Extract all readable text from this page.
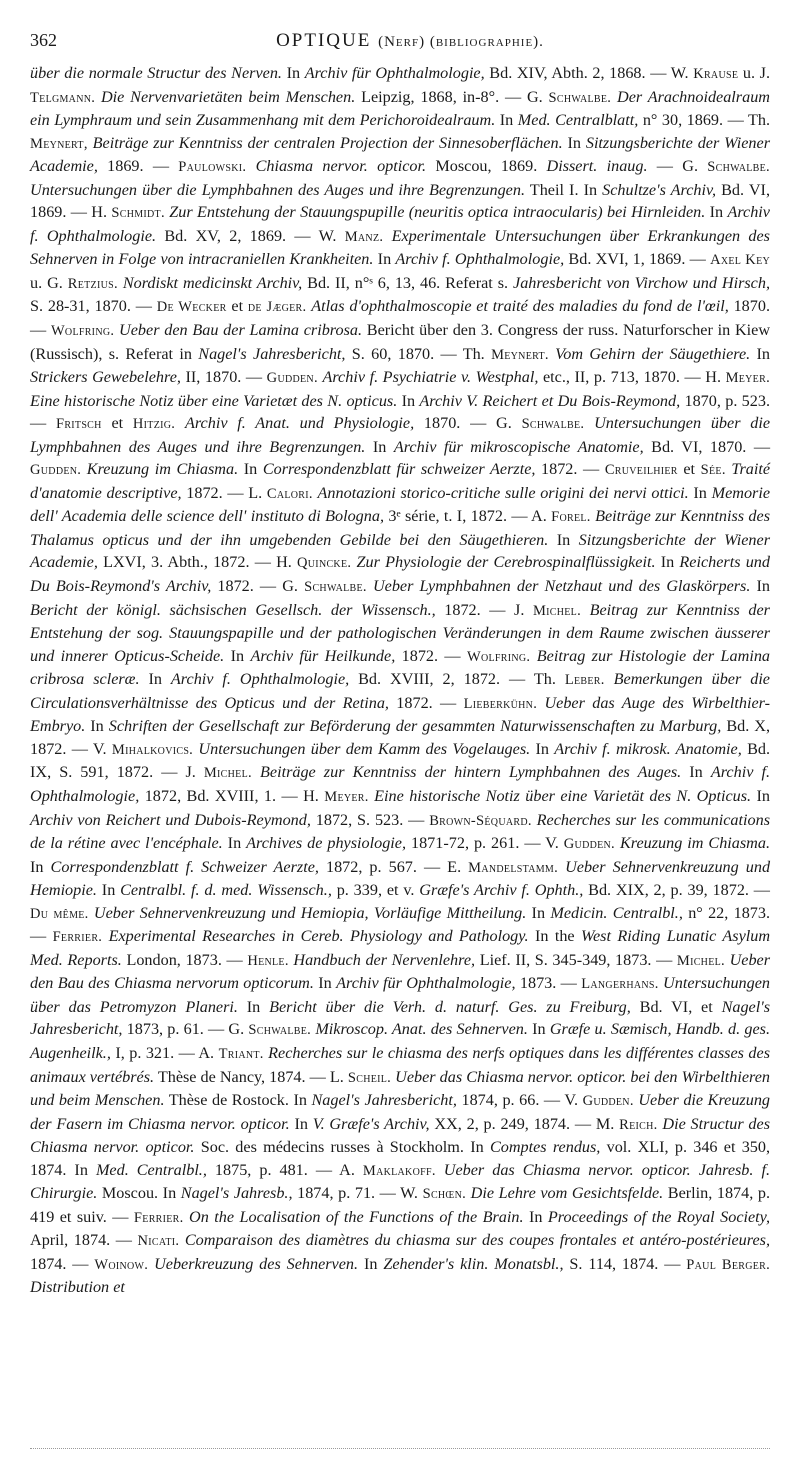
362	OPTIQUE (Nerf) (bibliographie).
über die normale Structur des Nerven. In Archiv für Ophthalmologie, Bd. XIV, Abth. 2, 1868. — W. Krause u. J. Telgmann. Die Nervenvarietäten beim Menschen. Leipzig, 1868, in-8°. — G. Schwalbe. Der Arachnoidealraum ein Lymphraum und sein Zusammenhang mit dem Perichoroidealraum. In Med. Centralblatt, n° 30, 1869. — Th. Meynert, Beiträge zur Kenntniss der centralen Projection der Sinnesoberflächen. In Sitzungsberichte der Wiener Academie, 1869. — Paulowski. Chiasma nervor. opticor. Moscou, 1869. Dissert. inaug. — G. Schwalbe. Untersuchungen über die Lymphbahnen des Auges und ihre Begrenzungen. Theil I. In Schultze's Archiv, Bd. VI, 1869. — H. Schmidt. Zur Entstehung der Stauungspupille (neuritis optica intraocularis) bei Hirnleiden. In Archiv f. Ophthalmologie. Bd. XV, 2, 1869. — W. Manz. Experimentale Untersuchungen über Erkrankungen des Sehnerven in Folge von intracraniellen Krankheiten. In Archiv f. Ophthalmologie, Bd. XVI, 1, 1869. — Axel Key u. G. Retzius. Nordiskt medicinskt Archiv, Bd. II, n°ˢ 6, 13, 46. Referat s. Jahresbericht von Virchow und Hirsch, S. 28-31, 1870. — De Wecker et de Jæger. Atlas d'ophthalmoscopie et traité des maladies du fond de l'œil, 1870. — Wolfring. Ueber den Bau der Lamina cribrosa. Bericht über den 3. Congress der russ. Naturforscher in Kiew (Russisch), s. Referat in Nagel's Jahresbericht, S. 60, 1870. — Th. Meynert. Vom Gehirn der Säugethiere. In Strickers Gewebelehre, II, 1870. — Gudden. Archiv f. Psychiatrie v. Westphal, etc., II, p. 713, 1870. — H. Meyer. Eine historische Notiz über eine Varietæt des N. opticus. In Archiv V. Reichert et Du Bois-Reymond, 1870, p. 523. — Fritsch et Hitzig. Archiv f. Anat. und Physiologie, 1870. — G. Schwalbe. Untersuchungen über die Lymphbahnen des Auges und ihre Begrenzungen. In Archiv für mikroscopische Anatomie, Bd. VI, 1870. — Gudden. Kreuzung im Chiasma. In Correspondenzblatt für schweizer Aerzte, 1872. — Cruveilhier et Sée. Traité d'anatomie descriptive, 1872. — L. Calori. Annotazioni storico-critiche sulle origini dei nervi ottici. In Memorie dell' Academia delle science dell' instituto di Bologna, 3ᵉ série, t. I, 1872. — A. Forel. Beiträge zur Kenntniss des Thalamus opticus und der ihn umgebenden Gebilde bei den Säugethieren. In Sitzungsberichte der Wiener Academie, LXVI, 3. Abth., 1872. — H. Quincke. Zur Physiologie der Cerebrospinalflüssigkeit. In Reicherts und Du Bois-Reymond's Archiv, 1872. — G. Schwalbe. Ueber Lymphbahnen der Netzhaut und des Glaskörpers. In Bericht der königl. sächsischen Gesellsch. der Wissensch., 1872. — J. Michel. Beitrag zur Kenntniss der Entstehung der sog. Stauungspapille und der pathologischen Veränderungen in dem Raume zwischen äusserer und innerer Opticus-Scheide. In Archiv für Heilkunde, 1872. — Wolfring. Beitrag zur Histologie der Lamina cribrosa scleræ. In Archiv f. Ophthalmologie, Bd. XVIII, 2, 1872. — Th. Leber. Bemerkungen über die Circulationsverhältnisse des Opticus und der Retina, 1872. — Lieberkühn. Ueber das Auge des Wirbelthier-Embryo. In Schriften der Gesellschaft zur Beförderung der gesammten Naturwissenschaften zu Marburg, Bd. X, 1872. — V. Mihalkovics. Untersuchungen über dem Kamm des Vogelauges. In Archiv f. mikrosk. Anatomie, Bd. IX, S. 591, 1872. — J. Michel. Beiträge zur Kenntniss der hintern Lymphbahnen des Auges. In Archiv f. Ophthalmologie, 1872, Bd. XVIII, 1. — H. Meyer. Eine historische Notiz über eine Varietät des N. Opticus. In Archiv von Reichert und Dubois-Reymond, 1872, S. 523. — Brown-Séquard. Recherches sur les communications de la rétine avec l'encéphale. In Archives de physiologie, 1871-72, p. 261. — V. Gudden. Kreuzung im Chiasma. In Correspondenzblatt f. Schweizer Aerzte, 1872, p. 567. — E. Mandelstamm. Ueber Sehnervenkreuzung und Hemiopie. In Centralbl. f. d. med. Wissensch., p. 339, et v. Græfe's Archiv f. Ophth., Bd. XIX, 2, p. 39, 1872. — Du même. Ueber Sehnervenkreuzung und Hemiopia, Vorläufige Mittheilung. In Medicin. Centralbl., n° 22, 1873. — Ferrier. Experimental Researches in Cereb. Physiology and Pathology. In the West Riding Lunatic Asylum Med. Reports. London, 1873. — Henle. Handbuch der Nervenlehre, Lief. II, S. 345-349, 1873. — Michel. Ueber den Bau des Chiasma nervorum opticorum. In Archiv für Ophthalmologie, 1873. — Langerhans. Untersuchungen über das Petromyzon Planeri. In Bericht über die Verh. d. naturf. Ges. zu Freiburg, Bd. VI, et Nagel's Jahresbericht, 1873, p. 61. — G. Schwalbe. Mikroscop. Anat. des Sehnerven. In Græfe u. Sæmisch, Handb. d. ges. Augenheilk., I, p. 321. — A. Triant. Recherches sur le chiasma des nerfs optiques dans les différentes classes des animaux vertébrés. Thèse de Nancy, 1874. — L. Scheil. Ueber das Chiasma nervor. opticor. bei den Wirbelthieren und beim Menschen. Thèse de Rostock. In Nagel's Jahresbericht, 1874, p. 66. — V. Gudden. Ueber die Kreuzung der Fasern im Chiasma nervor. opticor. In V. Græfe's Archiv, XX, 2, p. 249, 1874. — M. Reich. Die Structur des Chiasma nervor. opticor. Soc. des médecins russes à Stockholm. In Comptes rendus, vol. XLI, p. 346 et 350, 1874. In Med. Centralbl., 1875, p. 481. — A. Maklakoff. Ueber das Chiasma nervor. opticor. Jahresb. f. Chirurgie. Moscou. In Nagel's Jahresb., 1874, p. 71. — W. Schœn. Die Lehre vom Gesichtsfelde. Berlin, 1874, p. 419 et suiv. — Ferrier. On the Localisation of the Functions of the Brain. In Proceedings of the Royal Society, April, 1874. — Nicati. Comparaison des diamètres du chiasma sur des coupes frontales et antéro-postérieures, 1874. — Woinow. Ueberkreuzung des Sehnerven. In Zehender's klin. Monatsbl., S. 114, 1874. — Paul Berger. Distribution et
